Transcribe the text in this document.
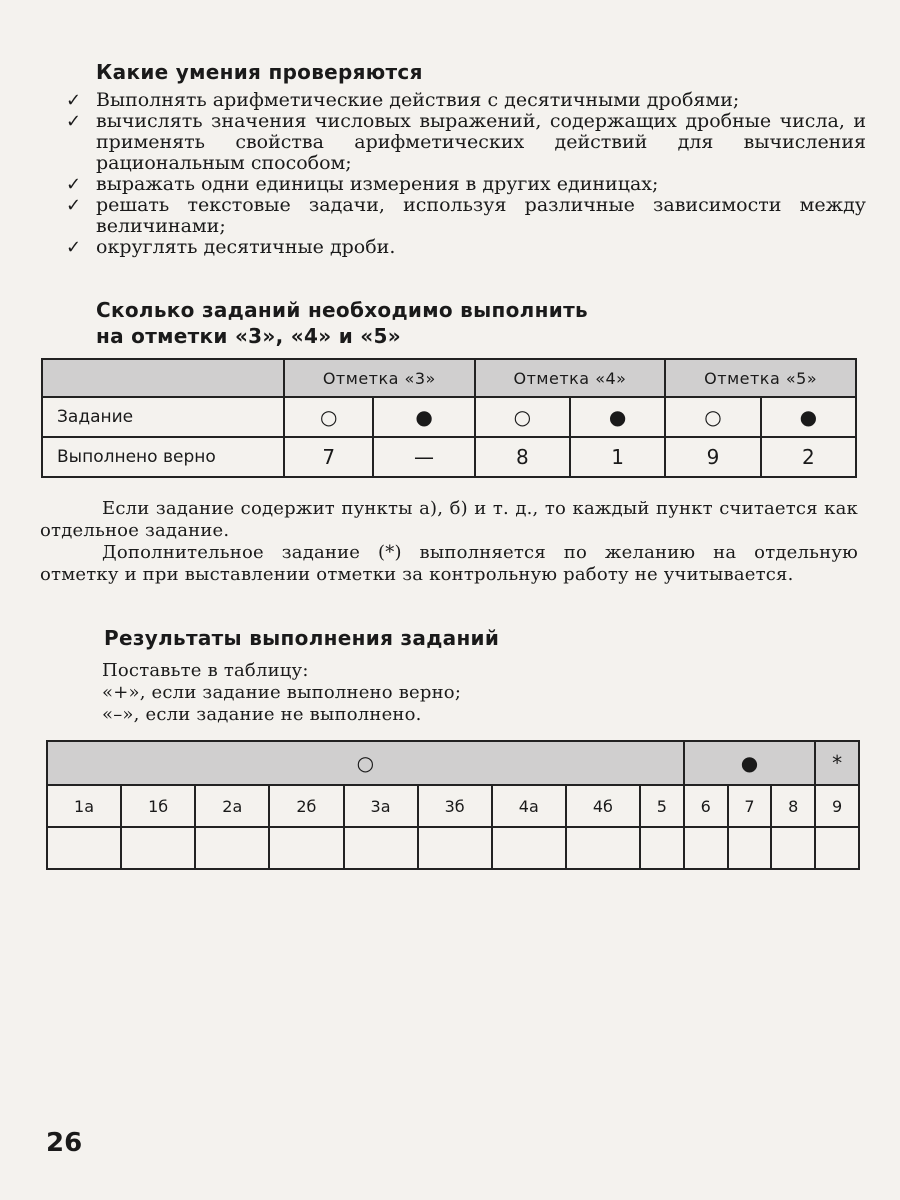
Какие умения проверяются
✓ Выполнять арифметические действия с десятичными дробями;
✓ вычислять значения числовых выражений, содержащих дробные числа, и применять свойства арифметических действий для вычисления рациональным способом;
✓ выражать одни единицы измерения в других единицах;
✓ решать текстовые задачи, используя различные зависимости между величинами;
✓ округлять десятичные дроби.
Сколько заданий необходимо выполнить
на отметки «3», «4» и «5»
	Отметка «3»		Отметка «4»		Отметка «5»	
Задание	○	●	○	●	○	●
Выполнено верно	7	—	8	1	9	2
Если задание содержит пункты а), б) и т. д., то каждый пункт считается как отдельное задание.
Дополнительное задание (*) выполняется по желанию на отдельную отметку и при выставлении отметки за контрольную работу не учитывается.
Результаты выполнения заданий
Поставьте в таблицу:
«+», если задание выполнено верно;
«–», если задание не выполнено.
○									●			*
1а	1б	2а	2б	3а	3б	4а	4б	5	6	7	8	9

26
